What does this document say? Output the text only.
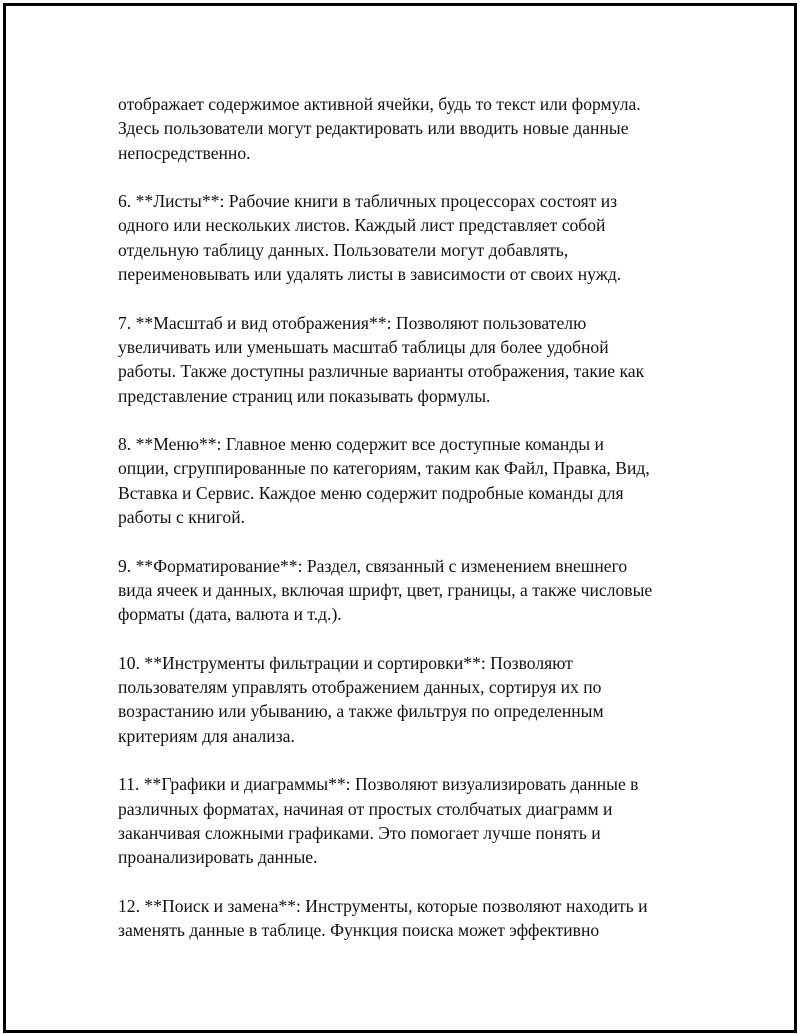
отображает содержимое активной ячейки, будь то текст или формула.
Здесь пользователи могут редактировать или вводить новые данные
непосредственно.

6. **Листы**: Рабочие книги в табличных процессорах состоят из
одного или нескольких листов. Каждый лист представляет собой
отдельную таблицу данных. Пользователи могут добавлять,
переименовывать или удалять листы в зависимости от своих нужд.

7. **Масштаб и вид отображения**: Позволяют пользователю
увеличивать или уменьшать масштаб таблицы для более удобной
работы. Также доступны различные варианты отображения, такие как
представление страниц или показывать формулы.

8. **Меню**: Главное меню содержит все доступные команды и
опции, сгруппированные по категориям, таким как Файл, Правка, Вид,
Вставка и Сервис. Каждое меню содержит подробные команды для
работы с книгой.

9. **Форматирование**: Раздел, связанный с изменением внешнего
вида ячеек и данных, включая шрифт, цвет, границы, а также числовые
форматы (дата, валюта и т.д.).

10. **Инструменты фильтрации и сортировки**: Позволяют
пользователям управлять отображением данных, сортируя их по
возрастанию или убыванию, а также фильтруя по определенным
критериям для анализа.

11. **Графики и диаграммы**: Позволяют визуализировать данные в
различных форматах, начиная от простых столбчатых диаграмм и
заканчивая сложными графиками. Это помогает лучше понять и
проанализировать данные.

12. **Поиск и замена**: Инструменты, которые позволяют находить и
заменять данные в таблице. Функция поиска может эффективно
